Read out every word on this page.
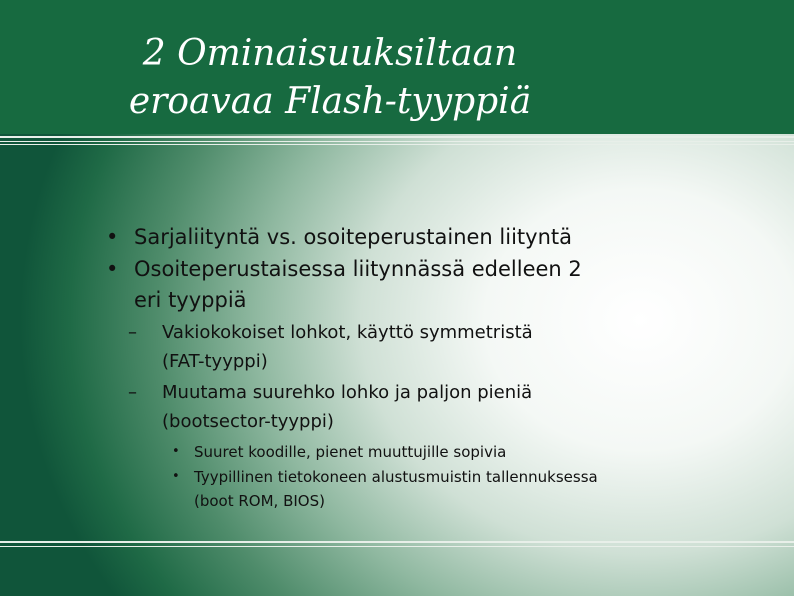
2 Ominaisuuksiltaan
eroavaa Flash-tyyppiä
• Sarjaliityntä vs. osoiteperustainen liityntä
• Osoiteperustaisessa liitynnässä edelleen 2
eri tyyppiä
– Vakiokokoiset lohkot, käyttö symmetristä
(FAT-tyyppi)
– Muutama suurehko lohko ja paljon pieniä
(bootsector-tyyppi)
• Suuret koodille, pienet muuttujille sopivia
• Tyypillinen tietokoneen alustusmuistin tallennuksessa
(boot ROM, BIOS)
